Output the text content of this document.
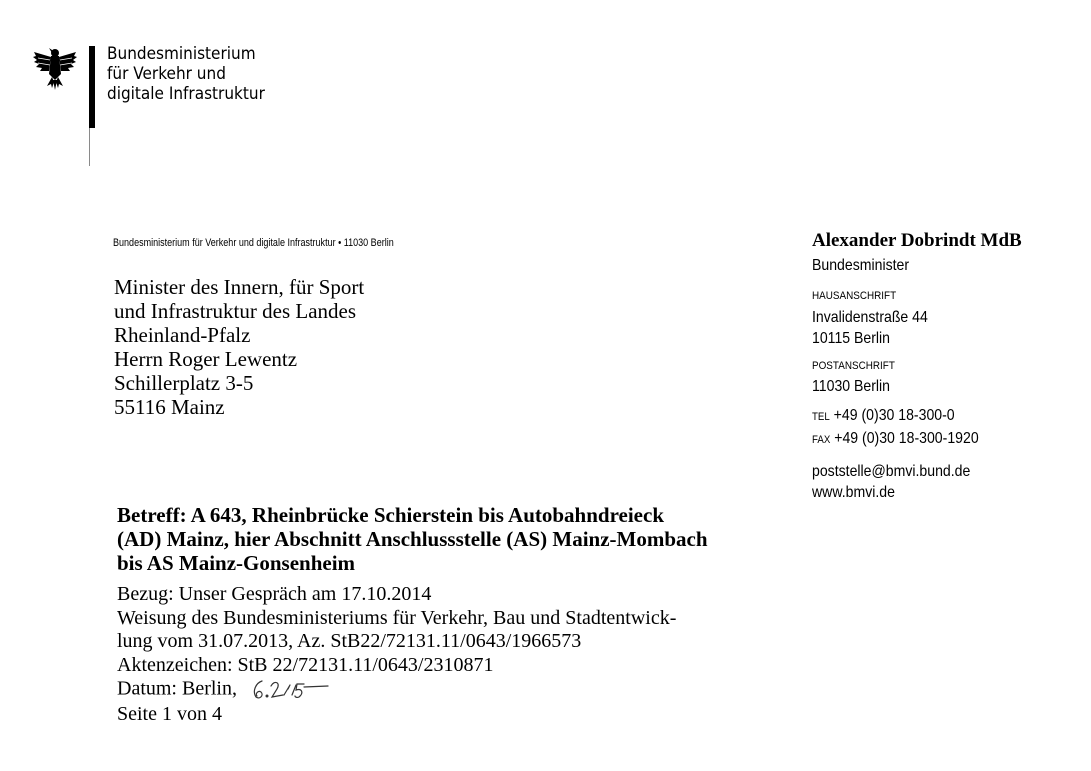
Bundesministerium
für Verkehr und
digitale Infrastruktur
Bundesministerium für Verkehr und digitale Infrastruktur • 11030 Berlin
Minister des Innern, für Sport
und Infrastruktur des Landes
Rheinland-Pfalz
Herrn Roger Lewentz
Schillerplatz 3-5
55116 Mainz
Alexander Dobrindt MdB
Bundesminister
HAUSANSCHRIFT
Invalidenstraße 44
10115 Berlin
POSTANSCHRIFT
11030 Berlin
TEL +49 (0)30 18-300-0
FAX +49 (0)30 18-300-1920
poststelle@bmvi.bund.de
www.bmvi.de
Betreff: A 643, Rheinbrücke Schierstein bis Autobahndreieck
(AD) Mainz, hier Abschnitt Anschlussstelle (AS) Mainz-Mombach
bis AS Mainz-Gonsenheim
Bezug: Unser Gespräch am 17.10.2014
Weisung des Bundesministeriums für Verkehr, Bau und Stadtentwick-
lung vom 31.07.2013, Az. StB22/72131.11/0643/1966573
Aktenzeichen: StB 22/72131.11/0643/2310871
Datum: Berlin,
Seite 1 von 4
